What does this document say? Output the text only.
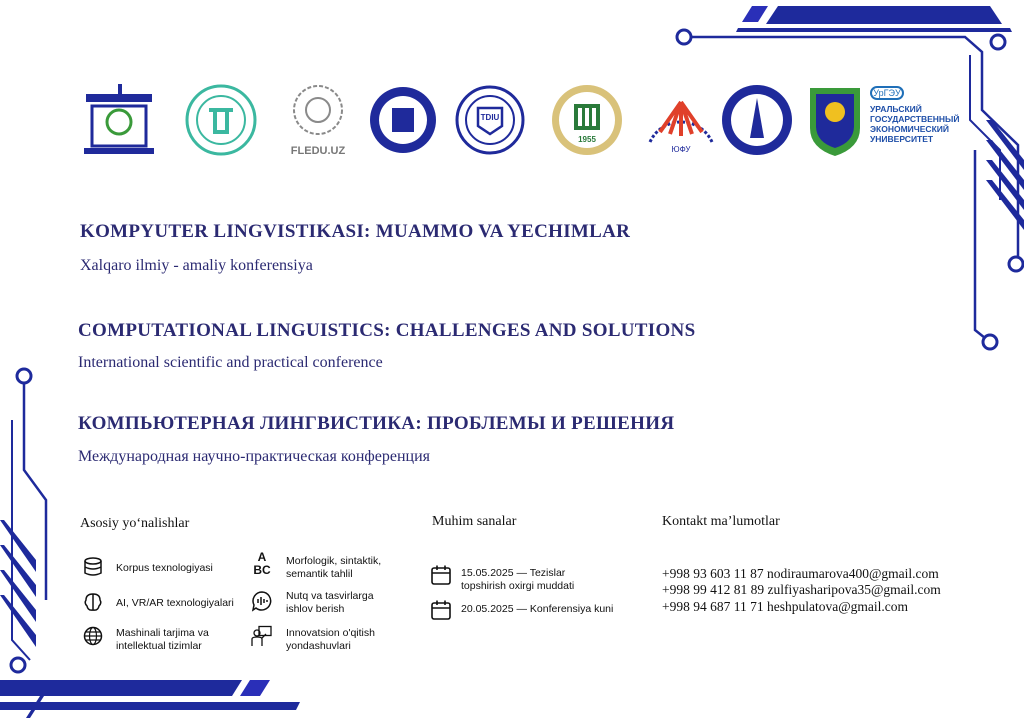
FLEDU.UZ
TDIU
1955
ЮФУ
УрГЭУ
УРАЛЬСКИЙ
ГОСУДАРСТВЕННЫЙ
ЭКОНОМИЧЕСКИЙ
УНИВЕРСИТЕТ
KOMPYUTER LINGVISTIKASI: MUAMMO VA YECHIMLAR
Xalqaro ilmiy - amaliy konferensiya
COMPUTATIONAL LINGUISTICS: CHALLENGES AND SOLUTIONS
International scientific and practical conference
КОМПЬЮТЕРНАЯ ЛИНГВИСТИКА: ПРОБЛЕМЫ И РЕШЕНИЯ
Международная научно-практическая конференция
Asosiy yo‘nalishlar
Korpus texnologiyasi
AI, VR/AR texnologiyalari
Mashinali tarjima va
intellektual tizimlar
A
BC
Morfologik, sintaktik,
semantik tahlil
Nutq va tasvirlarga
ishlov berish
Innovatsion o'qitish
yondashuvlari
Muhim sanalar
15.05.2025 — Tezislar
topshirish oxirgi muddati
20.05.2025 — Konferensiya kuni
Kontakt ma’lumotlar
+998 93 603 11 87 nodiraumarova400@gmail.com
+998 99 412 81 89 zulfiyasharipova35@gmail.com
+998 94 687 11 71 heshpulatova@gmail.com
